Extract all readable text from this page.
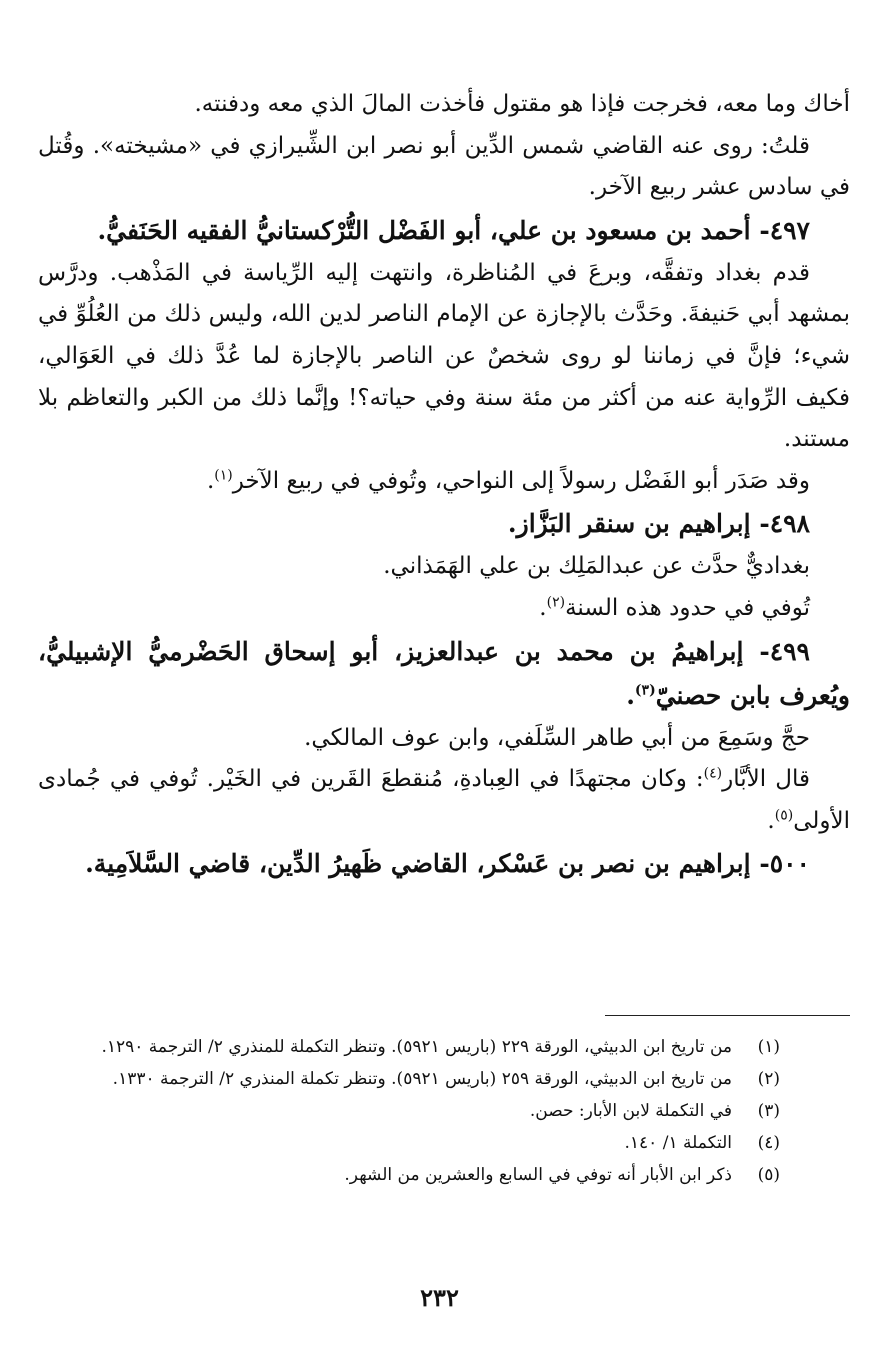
أخاك وما معه، فخرجت فإذا هو مقتول فأخذت المالَ الذي معه ودفنته.

قلتُ: روى عنه القاضي شمس الدِّين أبو نصر ابن الشِّيرازي في «مشيخته». وقُتل في سادس عشر ربيع الآخر.

٤٩٧- أحمد بن مسعود بن علي، أبو الفَضْل التُّرْكستانيُّ الفقيه الحَنَفيُّ.

قدم بغداد وتفقَّه، وبرعَ في المُناظرة، وانتهت إليه الرِّياسة في المَذْهب. ودرَّس بمشهد أبي حَنيفةَ. وحَدَّث بالإجازة عن الإمام الناصر لدين الله، وليس ذلك من العُلُوِّ في شيء؛ فإنَّ في زماننا لو روى شخصٌ عن الناصر بالإجازة لما عُدَّ ذلك في العَوَالي، فكيف الرِّواية عنه من أكثر من مئة سنة وفي حياته؟! وإنَّما ذلك من الكبر والتعاظم بلا مستند.

وقد صَدَر أبو الفَضْل رسولاً إلى النواحي، وتُوفي في ربيع الآخر$^{(١)}$.

٤٩٨- إبراهيم بن سنقر البَزَّاز.

بغداديٌّ حدَّث عن عبدالمَلِك بن علي الهَمَذاني.

تُوفي في حدود هذه السنة$^{(٢)}$.

٤٩٩- إبراهيمُ بن محمد بن عبدالعزيز، أبو إسحاق الحَضْرميُّ الإشبيليُّ، ويُعرف بابن حصنيّ$^{(٣)}$.

حجَّ وسَمِعَ من أبي طاهر السِّلَفي، وابن عوف المالكي.

قال الأبَّار$^{(٤)}$: وكان مجتهدًا في العِبادةِ، مُنقطعَ القَرين في الخَيْر. تُوفي في جُمادى الأولى$^{(٥)}$.

٥٠٠- إبراهيم بن نصر بن عَسْكر، القاضي ظَهيرُ الدِّين، قاضي السَّلاَمِية.

(١)
من تاريخ ابن الدبيثي، الورقة ٢٢٩ (باريس ٥٩٢١). وتنظر التكملة للمنذري ٢/ الترجمة ١٢٩٠.

(٢)
من تاريخ ابن الدبيثي، الورقة ٢٥٩ (باريس ٥٩٢١). وتنظر تكملة المنذري ٢/ الترجمة ١٣٣٠.

(٣)
في التكملة لابن الأبار: حصن.

(٤)
التكملة ١/ ١٤٠.

(٥)
ذكر ابن الأبار أنه توفي في السابع والعشرين من الشهر.

٢٣٢
